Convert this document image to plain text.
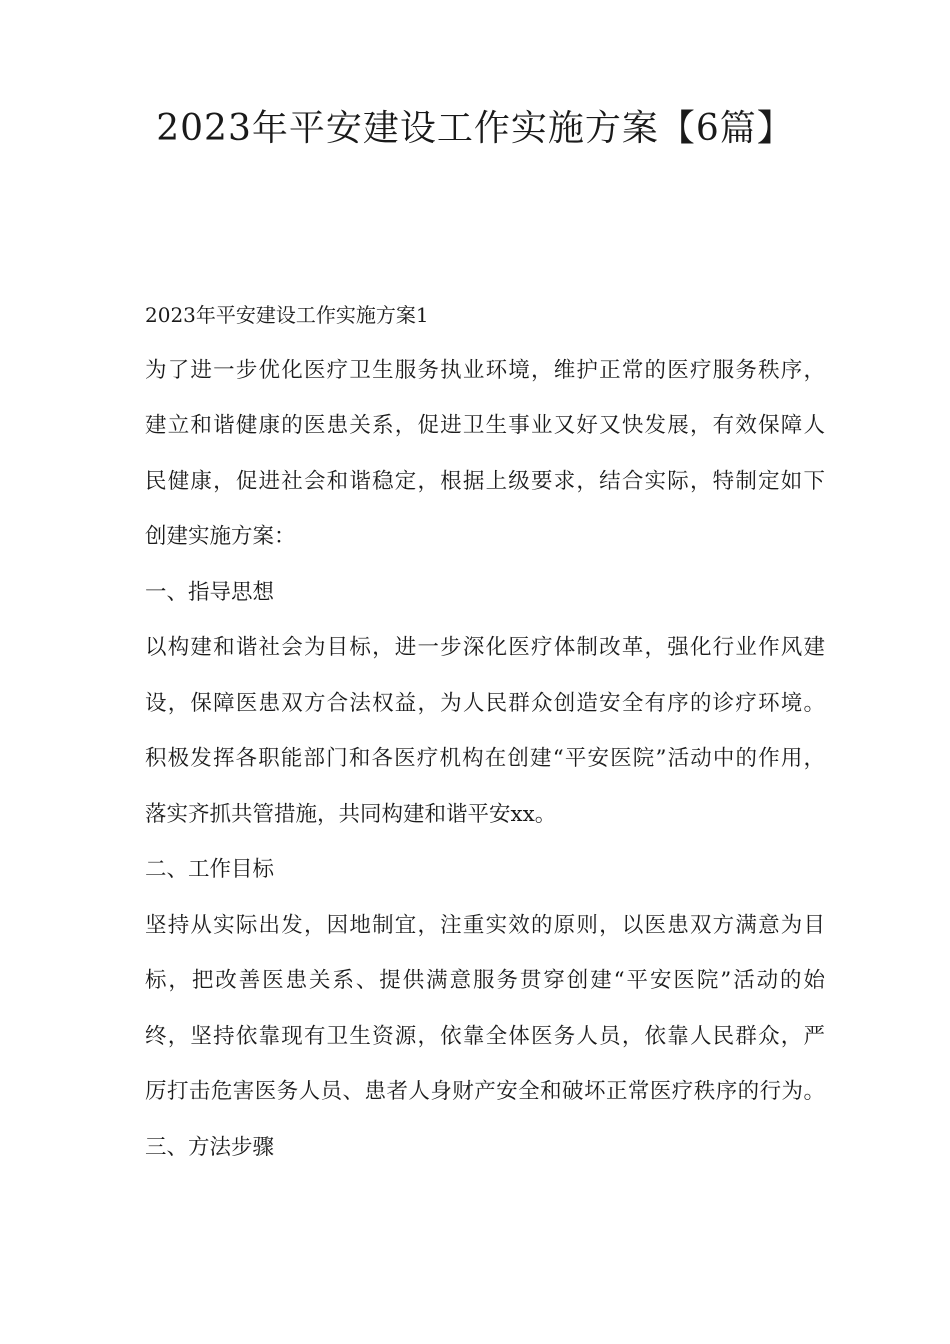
2023年平安建设工作实施方案【6篇】
2023年平安建设工作实施方案1
为了进一步优化医疗卫生服务执业环境，维护正常的医疗服务秩序，
建立和谐健康的医患关系，促进卫生事业又好又快发展，有效保障人
民健康，促进社会和谐稳定，根据上级要求，结合实际，特制定如下
创建实施方案：
一、指导思想
以构建和谐社会为目标，进一步深化医疗体制改革，强化行业作风建
设，保障医患双方合法权益，为人民群众创造安全有序的诊疗环境。
积极发挥各职能部门和各医疗机构在创建“平安医院”活动中的作用，
落实齐抓共管措施，共同构建和谐平安xx。
二、工作目标
坚持从实际出发，因地制宜，注重实效的原则，以医患双方满意为目
标，把改善医患关系、提供满意服务贯穿创建“平安医院”活动的始
终，坚持依靠现有卫生资源，依靠全体医务人员，依靠人民群众，严
厉打击危害医务人员、患者人身财产安全和破坏正常医疗秩序的行为。
三、方法步骤
